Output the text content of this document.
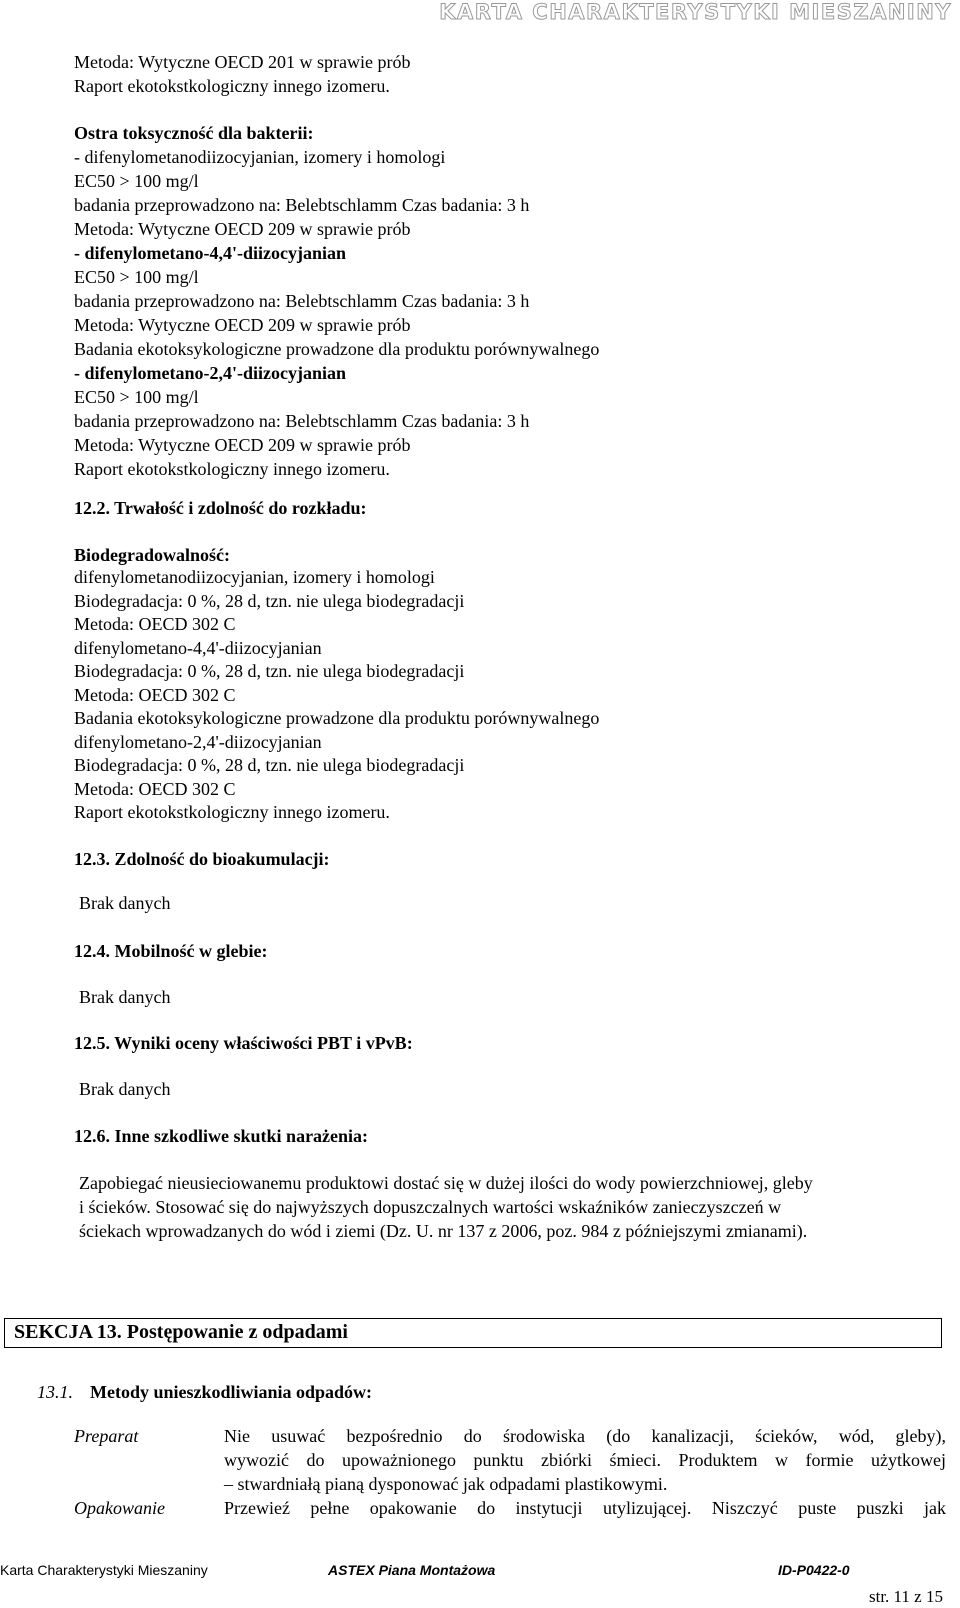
KARTA CHARAKTERYSTYKI MIESZANINY
Metoda: Wytyczne OECD 201 w sprawie prób
Raport ekotokstkologiczny innego izomeru.
Ostra toksyczność dla bakterii:
- difenylometanodiizocyjanian, izomery i homologi
EC50 > 100 mg/l
badania przeprowadzono na: Belebtschlamm Czas badania: 3 h
Metoda: Wytyczne OECD 209 w sprawie prób
- difenylometano-4,4'-diizocyjanian
EC50 > 100 mg/l
badania przeprowadzono na: Belebtschlamm Czas badania: 3 h
Metoda: Wytyczne OECD 209 w sprawie prób
Badania ekotoksykologiczne prowadzone dla produktu porównywalnego
- difenylometano-2,4'-diizocyjanian
EC50 > 100 mg/l
badania przeprowadzono na: Belebtschlamm Czas badania: 3 h
Metoda: Wytyczne OECD 209 w sprawie prób
Raport ekotokstkologiczny innego izomeru.
12.2. Trwałość i zdolność do rozkładu:
Biodegradowalność:
difenylometanodiizocyjanian, izomery i homologi
Biodegradacja: 0 %, 28 d, tzn. nie ulega biodegradacji
Metoda: OECD 302 C
difenylometano-4,4'-diizocyjanian
Biodegradacja: 0 %, 28 d, tzn. nie ulega biodegradacji
Metoda: OECD 302 C
Badania ekotoksykologiczne prowadzone dla produktu porównywalnego
difenylometano-2,4'-diizocyjanian
Biodegradacja: 0 %, 28 d, tzn. nie ulega biodegradacji
Metoda: OECD 302 C
Raport ekotokstkologiczny innego izomeru.
12.3. Zdolność do bioakumulacji:
Brak danych
12.4. Mobilność w glebie:
Brak danych
12.5. Wyniki oceny właściwości PBT i vPvB:
Brak danych
12.6. Inne szkodliwe skutki narażenia:
Zapobiegać nieusieciowanemu produktowi dostać się w dużej ilości do wody powierzchniowej, gleby
i ścieków. Stosować się do najwyższych dopuszczalnych wartości wskaźników zanieczyszczeń w
ściekach wprowadzanych do wód i ziemi (Dz. U. nr 137 z 2006, poz. 984 z późniejszymi zmianami).
SEKCJA 13. Postępowanie z odpadami
13.1. Metody unieszkodliwiania odpadów:
Preparat	Nie usuwać bezpośrednio do środowiska (do kanalizacji, ścieków, wód, gleby),
wywozić do upoważnionego punktu zbiórki śmieci. Produktem w formie użytkowej
– stwardniałą pianą dysponować jak odpadami plastikowymi.
Opakowanie	Przewieź pełne opakowanie do instytucji utylizującej. Niszczyć puste puszki jak
Karta Charakterystyki Mieszaniny	ASTEX Piana Montażowa	ID-P0422-0
str. 11 z 15
